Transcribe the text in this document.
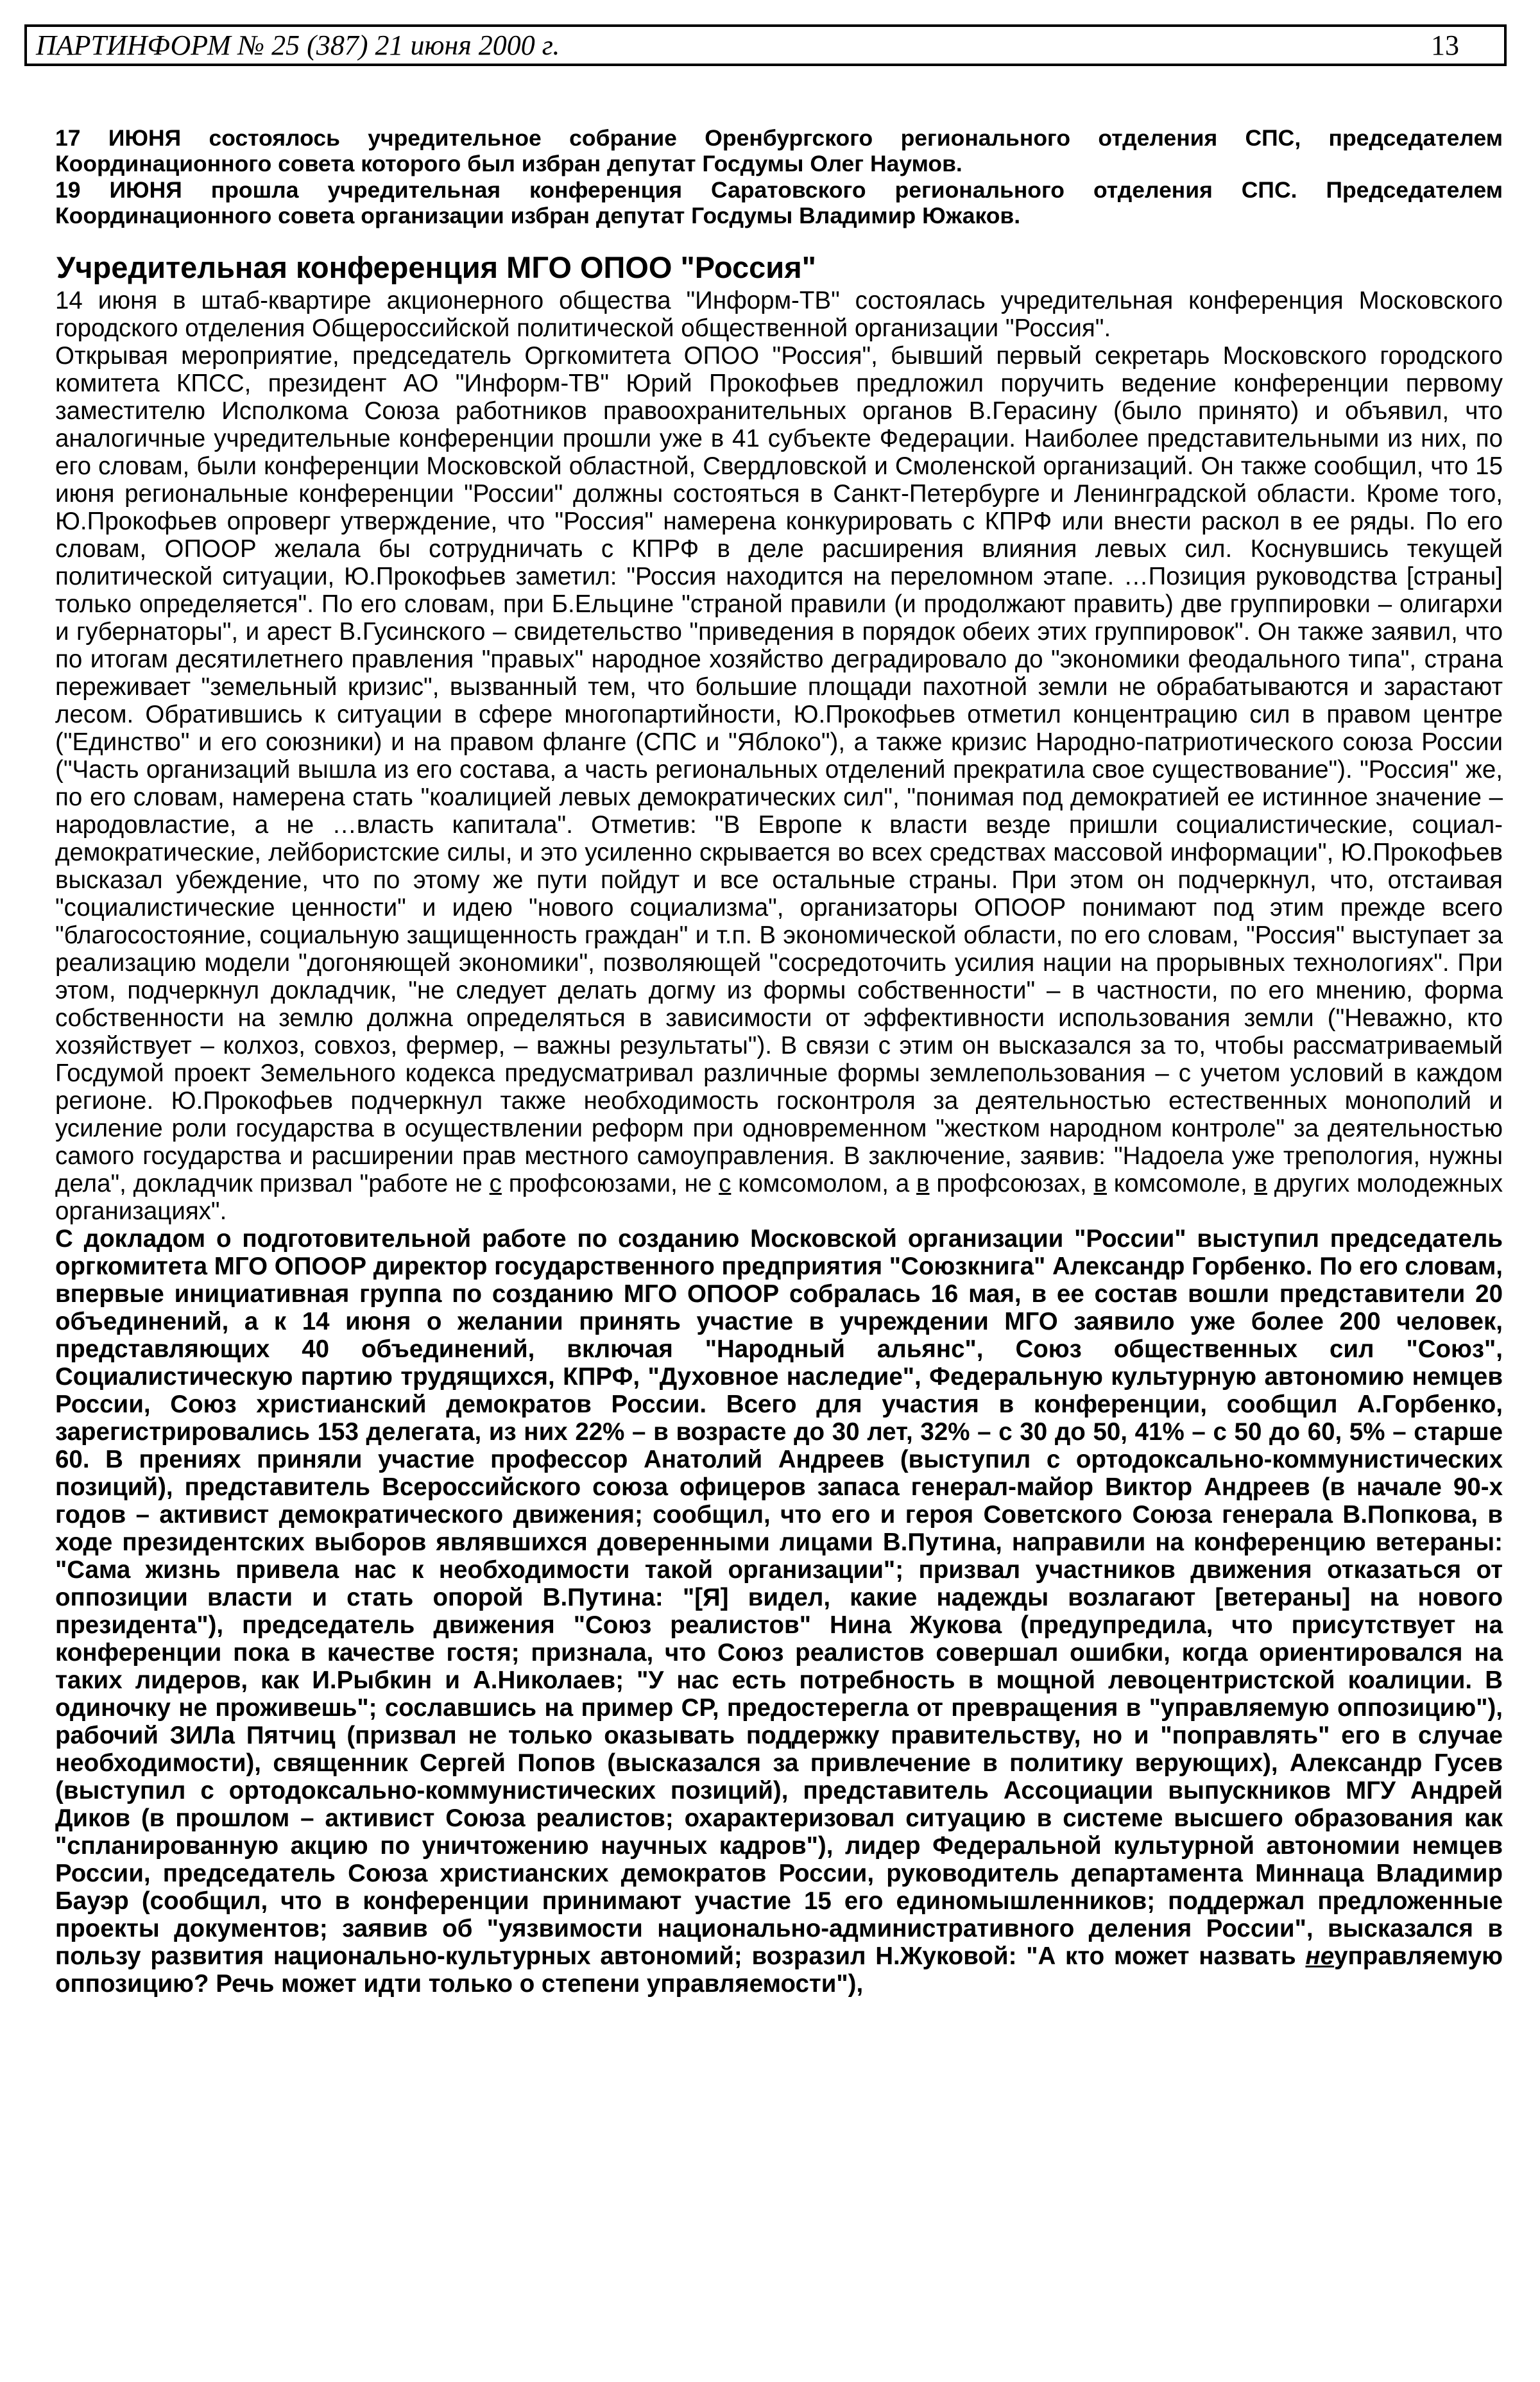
ПАРТИНФОРМ № 25 (387) 21 июня 2000 г.	13

17 ИЮНЯ состоялось учредительное собрание Оренбургского регионального отделения СПС, председателем Координационного совета которого был избран депутат Госдумы Олег Наумов.

19 ИЮНЯ прошла учредительная конференция Саратовского регионального отделения СПС. Председателем Координационного совета организации избран депутат Госдумы Владимир Южаков.

Учредительная конференция МГО ОПОО "Россия"

14 июня в штаб-квартире акционерного общества "Информ-ТВ" состоялась учредительная конференция Московского городского отделения Общероссийской политической общественной организации "Россия".

Открывая мероприятие, председатель Оргкомитета ОПОО "Россия", бывший первый секретарь Московского городского комитета КПСС, президент АО "Информ-ТВ" Юрий Прокофьев предложил поручить ведение конференции первому заместителю Исполкома Союза работников правоохранительных органов В.Герасину (было принято) и объявил, что аналогичные учредительные конференции прошли уже в 41 субъекте Федерации. Наиболее представительными из них, по его словам, были конференции Московской областной, Свердловской и Смоленской организаций. Он также сообщил, что 15 июня региональные конференции "России" должны состояться в Санкт-Петербурге и Ленинградской области. Кроме того, Ю.Прокофьев опроверг утверждение, что "Россия" намерена конкурировать с КПРФ или внести раскол в ее ряды. По его словам, ОПООР желала бы сотрудничать с КПРФ в деле расширения влияния левых сил. Коснувшись текущей политической ситуации, Ю.Прокофьев заметил: "Россия находится на переломном этапе. …Позиция руководства [страны] только определяется". По его словам, при Б.Ельцине "страной правили (и продолжают править) две группировки – олигархи и губернаторы", и арест В.Гусинского – свидетельство "приведения в порядок обеих этих группировок". Он также заявил, что по итогам десятилетнего правления "правых" народное хозяйство деградировало до "экономики феодального типа", страна переживает "земельный кризис", вызванный тем, что большие площади пахотной земли не обрабатываются и зарастают лесом. Обратившись к ситуации в сфере многопартийности, Ю.Прокофьев отметил концентрацию сил в правом центре ("Единство" и его союзники) и на правом фланге (СПС и "Яблоко"), а также кризис Народно-патриотического союза России ("Часть организаций вышла из его состава, а часть региональных отделений прекратила свое существование"). "Россия" же, по его словам, намерена стать "коалицией левых демократических сил", "понимая под демократией ее истинное значение – народовластие, а не …власть капитала". Отметив: "В Европе к власти везде пришли социалистические, социал-демократические, лейбористские силы, и это усиленно скрывается во всех средствах массовой информации", Ю.Прокофьев высказал убеждение, что по этому же пути пойдут и все остальные страны. При этом он подчеркнул, что, отстаивая "социалистические ценности" и идею "нового социализма", организаторы ОПООР понимают под этим прежде всего "благосостояние, социальную защищенность граждан" и т.п. В экономической области, по его словам, "Россия" выступает за реализацию модели "догоняющей экономики", позволяющей "сосредоточить усилия нации на прорывных технологиях". При этом, подчеркнул докладчик, "не следует делать догму из формы собственности" – в частности, по его мнению, форма собственности на землю должна определяться в зависимости от эффективности использования земли ("Неважно, кто хозяйствует – колхоз, совхоз, фермер, – важны результаты"). В связи с этим он высказался за то, чтобы рассматриваемый Госдумой проект Земельного кодекса предусматривал различные формы землепользования – с учетом условий в каждом регионе. Ю.Прокофьев подчеркнул также необходимость госконтроля за деятельностью естественных монополий и усиление роли государства в осуществлении реформ при одновременном "жестком народном контроле" за деятельностью самого государства и расширении прав местного самоуправления. В заключение, заявив: "Надоела уже трепология, нужны дела", докладчик призвал "работе не с профсоюзами, не с комсомолом, а в профсоюзах, в комсомоле, в других молодежных организациях".

С докладом о подготовительной работе по созданию Московской организации "России" выступил председатель оргкомитета МГО ОПООР директор государственного предприятия "Союзкнига" Александр Горбенко. По его словам, впервые инициативная группа по созданию МГО ОПООР собралась 16 мая, в ее состав вошли представители 20 объединений, а к 14 июня о желании принять участие в учреждении МГО заявило уже более 200 человек, представляющих 40 объединений, включая "Народный альянс", Союз общественных сил "Союз", Социалистическую партию трудящихся, КПРФ, "Духовное наследие", Федеральную культурную автономию немцев России, Союз христианский демократов России. Всего для участия в конференции, сообщил А.Горбенко, зарегистрировались 153 делегата, из них 22% – в возрасте до 30 лет, 32% – с 30 до 50, 41% – с 50 до 60, 5% – старше 60. В прениях приняли участие профессор Анатолий Андреев (выступил с ортодоксально-коммунистических позиций), представитель Всероссийского союза офицеров запаса генерал-майор Виктор Андреев (в начале 90-х годов – активист демократического движения; сообщил, что его и героя Советского Союза генерала В.Попкова, в ходе президентских выборов являвшихся доверенными лицами В.Путина, направили на конференцию ветераны: "Сама жизнь привела нас к необходимости такой организации"; призвал участников движения отказаться от оппозиции власти и стать опорой В.Путина: "[Я] видел, какие надежды возлагают [ветераны] на нового президента"), председатель движения "Союз реалистов" Нина Жукова (предупредила, что присутствует на конференции пока в качестве гостя; признала, что Союз реалистов совершал ошибки, когда ориентировался на таких лидеров, как И.Рыбкин и А.Николаев; "У нас есть потребность в мощной левоцентристской коалиции. В одиночку не проживешь"; сославшись на пример СР, предостерегла от превращения в "управляемую оппозицию"), рабочий ЗИЛа Пятчиц (призвал не только оказывать поддержку правительству, но и "поправлять" его в случае необходимости), священник Сергей Попов (высказался за привлечение в политику верующих), Александр Гусев (выступил с ортодоксально-коммунистических позиций), представитель Ассоциации выпускников МГУ Андрей Диков (в прошлом – активист Союза реалистов; охарактеризовал ситуацию в системе высшего образования как "спланированную акцию по уничтожению научных кадров"), лидер Федеральной культурной автономии немцев России, председатель Союза христианских демократов России, руководитель департамента Миннаца Владимир Бауэр (сообщил, что в конференции принимают участие 15 его единомышленников; поддержал предложенные проекты документов; заявив об "уязвимости национально-административного деления России", высказался в пользу развития национально-культурных автономий; возразил Н.Жуковой: "А кто может назвать неуправляемую оппозицию? Речь может идти только о степени управляемости"),
